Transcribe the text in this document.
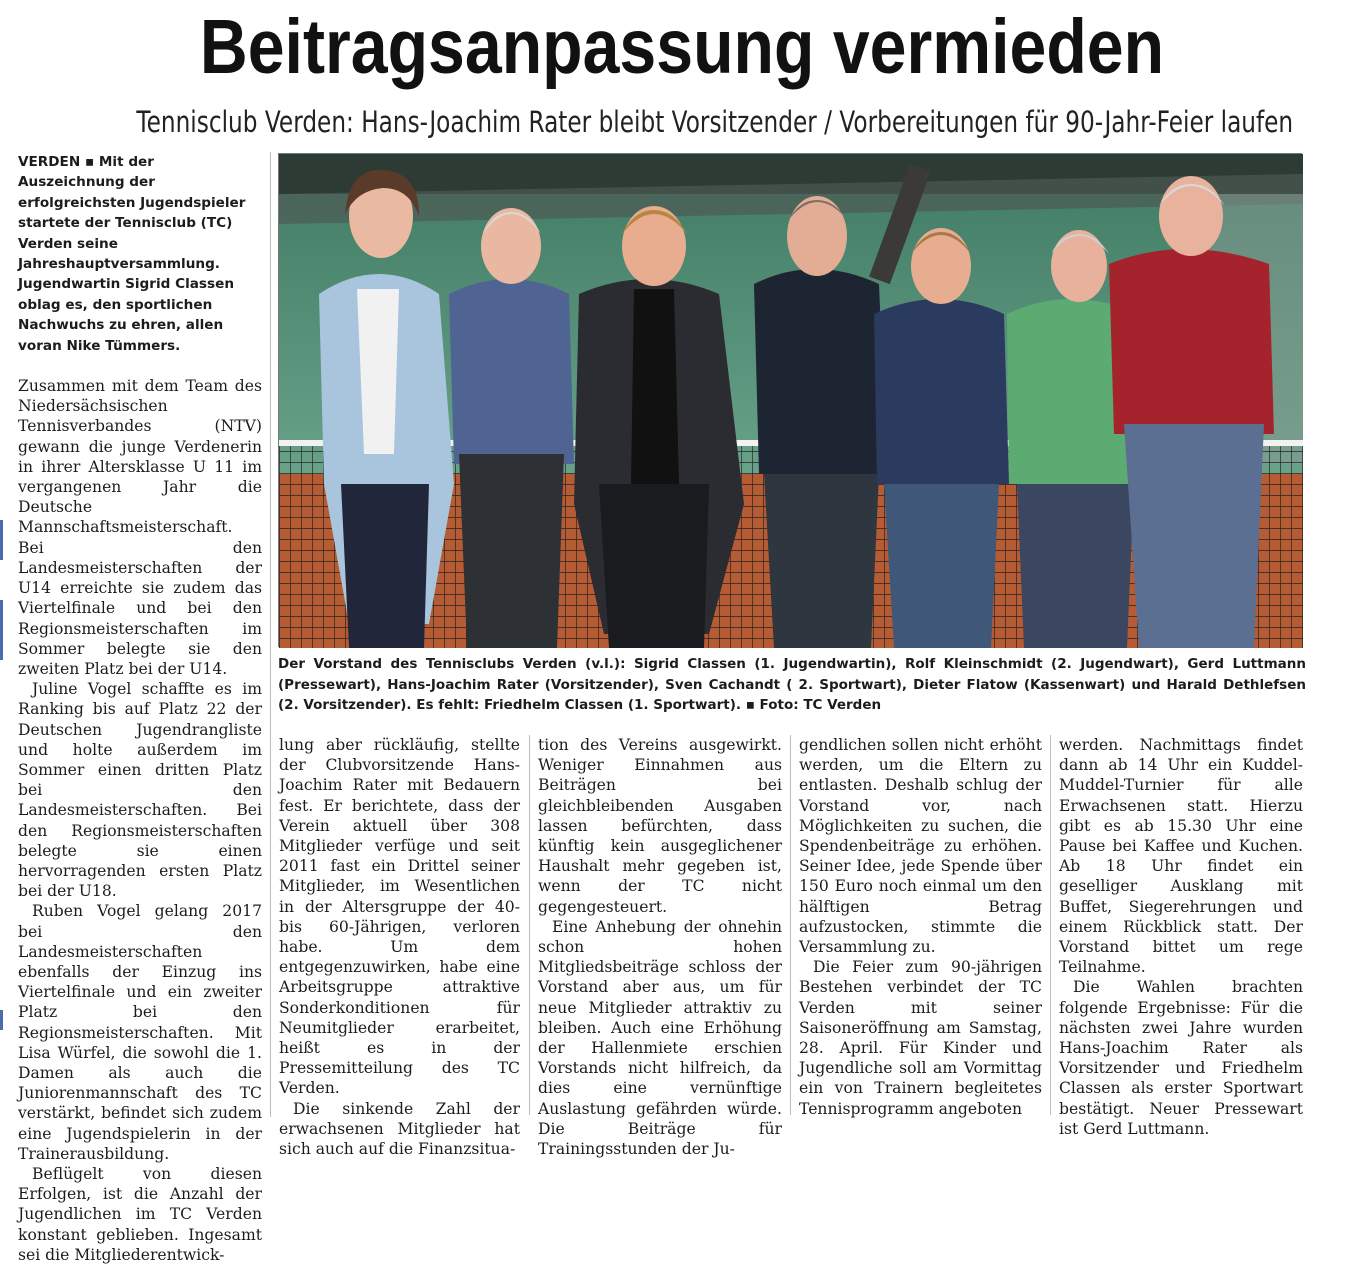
Beitragsanpassung vermieden
Tennisclub Verden: Hans-Joachim Rater bleibt Vorsitzender / Vorbereitungen für 90-Jahr-Feier laufen

VERDEN ▪ Mit der Auszeichnung der erfolgreichsten Jugendspieler startete der Tennisclub (TC) Verden seine Jahreshauptversammlung. Jugendwartin Sigrid Classen oblag es, den sportlichen Nachwuchs zu ehren, allen voran Nike Tümmers.

Zusammen mit dem Team des Niedersächsischen Tennisverbandes (NTV) gewann die junge Verdenerin in ihrer Altersklasse U 11 im vergangenen Jahr die Deutsche Mannschaftsmeisterschaft. Bei den Landesmeisterschaften der U14 erreichte sie zudem das Viertelfinale und bei den Regionsmeisterschaften im Sommer belegte sie den zweiten Platz bei der U14.

Juline Vogel schaffte es im Ranking bis auf Platz 22 der Deutschen Jugendrangliste und holte außerdem im Sommer einen dritten Platz bei den Landesmeisterschaften. Bei den Regionsmeisterschaften belegte sie einen hervorragenden ersten Platz bei der U18.

Ruben Vogel gelang 2017 bei den Landesmeisterschaften ebenfalls der Einzug ins Viertelfinale und ein zweiter Platz bei den Regionsmeisterschaften. Mit Lisa Würfel, die sowohl die 1. Damen als auch die Juniorenmannschaft des TC verstärkt, befindet sich zudem eine Jugendspielerin in der Trainerausbildung.

Beflügelt von diesen Erfolgen, ist die Anzahl der Jugendlichen im TC Verden konstant geblieben. Ingesamt sei die Mitgliederentwick-

Der Vorstand des Tennisclubs Verden (v.l.): Sigrid Classen (1. Jugendwartin), Rolf Kleinschmidt (2. Jugendwart), Gerd Luttmann (Pressewart), Hans-Joachim Rater (Vorsitzender), Sven Cachandt ( 2. Sportwart), Dieter Flatow (Kassenwart) und Harald Dethlefsen (2. Vorsitzender). Es fehlt: Friedhelm Classen (1. Sportwart). ▪ Foto: TC Verden

lung aber rückläufig, stellte der Clubvorsitzende Hans-Joachim Rater mit Bedauern fest. Er berichtete, dass der Verein aktuell über 308 Mitglieder verfüge und seit 2011 fast ein Drittel seiner Mitglieder, im Wesentlichen in der Altersgruppe der 40- bis 60-Jährigen, verloren habe. Um dem entgegenzuwirken, habe eine Arbeitsgruppe attraktive Sonderkonditionen für Neumitglieder erarbeitet, heißt es in der Pressemitteilung des TC Verden.

Die sinkende Zahl der erwachsenen Mitglieder hat sich auch auf die Finanzsitua-

tion des Vereins ausgewirkt. Weniger Einnahmen aus Beiträgen bei gleichbleibenden Ausgaben lassen befürchten, dass künftig kein ausgeglichener Haushalt mehr gegeben ist, wenn der TC nicht gegengesteuert.

Eine Anhebung der ohnehin schon hohen Mitgliedsbeiträge schloss der Vorstand aber aus, um für neue Mitglieder attraktiv zu bleiben. Auch eine Erhöhung der Hallenmiete erschien Vorstands nicht hilfreich, da dies eine vernünftige Auslastung gefährden würde. Die Beiträge für Trainingsstunden der Ju-

gendlichen sollen nicht erhöht werden, um die Eltern zu entlasten. Deshalb schlug der Vorstand vor, nach Möglichkeiten zu suchen, die Spendenbeiträge zu erhöhen. Seiner Idee, jede Spende über 150 Euro noch einmal um den hälftigen Betrag aufzustocken, stimmte die Versammlung zu.

Die Feier zum 90-jährigen Bestehen verbindet der TC Verden mit seiner Saisoneröffnung am Samstag, 28. April. Für Kinder und Jugendliche soll am Vormittag ein von Trainern begleitetes Tennisprogramm angeboten

werden. Nachmittags findet dann ab 14 Uhr ein Kuddel-Muddel-Turnier für alle Erwachsenen statt. Hierzu gibt es ab 15.30 Uhr eine Pause bei Kaffee und Kuchen. Ab 18 Uhr findet ein geselliger Ausklang mit Buffet, Siegerehrungen und einem Rückblick statt. Der Vorstand bittet um rege Teilnahme.

Die Wahlen brachten folgende Ergebnisse: Für die nächsten zwei Jahre wurden Hans-Joachim Rater als Vorsitzender und Friedhelm Classen als erster Sportwart bestätigt. Neuer Pressewart ist Gerd Luttmann.
